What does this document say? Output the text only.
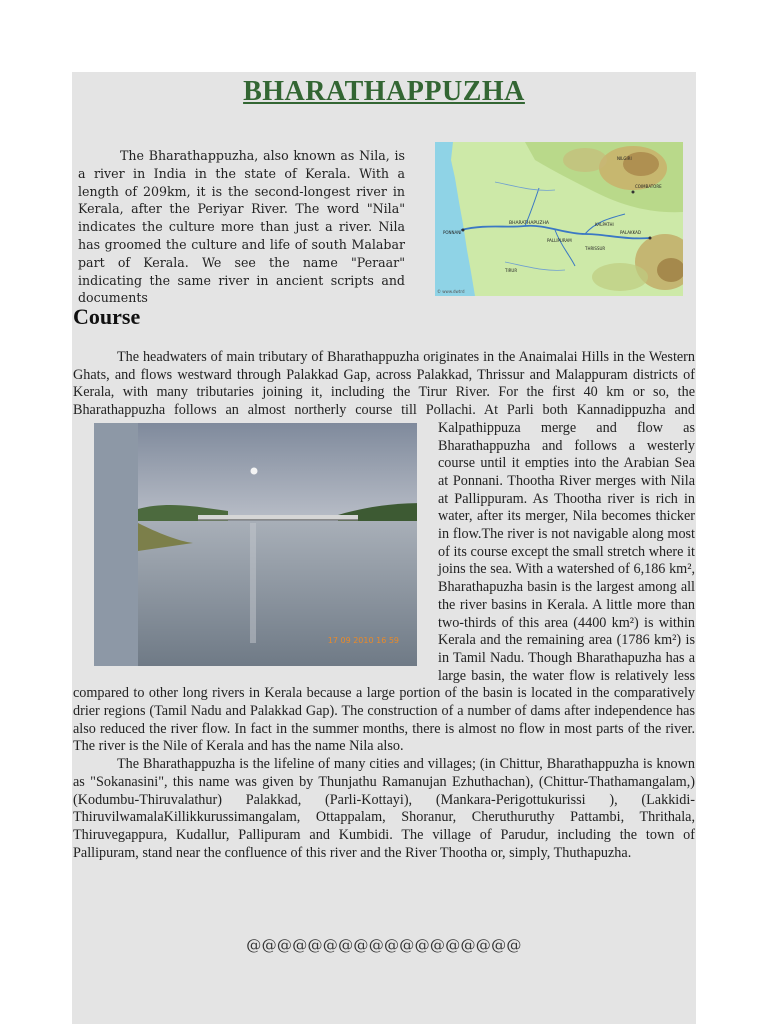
BHARATHAPPUZHA
The Bharathappuzha, also known as Nila, is a river in India in the state of Kerala. With a length of 209km, it is the second-longest river in Kerala, after the Periyar River. The word "Nila" indicates the culture more than just a river. Nila has groomed the culture and life of south Malabar part of Kerala. We see the name "Peraar" indicating the same river in ancient scripts and documents
BHARATHAPUZHA
PONNANI
TIRUR
PALAKKAD
PALLIPURAM
COIMBATORE
NILGIRI
THRISSUR
KALPATHI
© www.dwtrd
Course

The headwaters of main tributary of Bharathappuzha originates in the Anaimalai Hills in the Western Ghats, and flows westward through Palakkad Gap, across Palakkad, Thrissur and Malappuram districts of Kerala, with many tributaries joining it, including the Tirur River. For the first 40 km or so, the Bharathappuzha follows an almost northerly course till Pollachi. At Parli both
17 09 2010 16 59
Kannadippuzha and Kalpathippuza merge and flow as Bharathappuzha and follows a westerly course until it empties into the Arabian Sea at Ponnani. Thootha River merges with Nila at Pallippuram. As Thootha river is rich in water, after its merger, Nila becomes thicker in flow.The river is not navigable along most of its course except the small stretch where it joins the sea. With a watershed of 6,186 km², Bharathapuzha basin is the largest among all the river basins in Kerala. A little more than two-thirds of this area (4400 km²) is within Kerala and the remaining area (1786 km²) is in Tamil Nadu. Though Bharathapuzha has a large basin, the water flow is relatively less compared to other long rivers in Kerala because a large portion of the basin is located in the comparatively drier regions (Tamil Nadu and Palakkad Gap). The construction of a number of dams after independence has also reduced the river flow. In fact in the summer months, there is almost no flow in most parts of the river. The river is the Nile of Kerala and has the name Nila also.

The Bharathappuzha is the lifeline of many cities and villages; (in Chittur, Bharathappuzha is known as "Sokanasini", this name was given by Thunjathu Ramanujan Ezhuthachan), (Chittur-Thathamangalam,) (Kodumbu-Thiruvalathur) Palakkad, (Parli-Kottayi), (Mankara-Perigottukurissi ), (Lakkidi-ThiruvilwamalaKillikkurussimangalam, Ottappalam, Shoranur, Cheruthuruthy Pattambi, Thrithala, Thiruvegappura, Kudallur, Pallipuram and Kumbidi. The village of Parudur, including the town of Pallipuram, stand near the confluence of this river and the River Thootha or, simply, Thuthapuzha.

@@@@@@@@@@@@@@@@@@
